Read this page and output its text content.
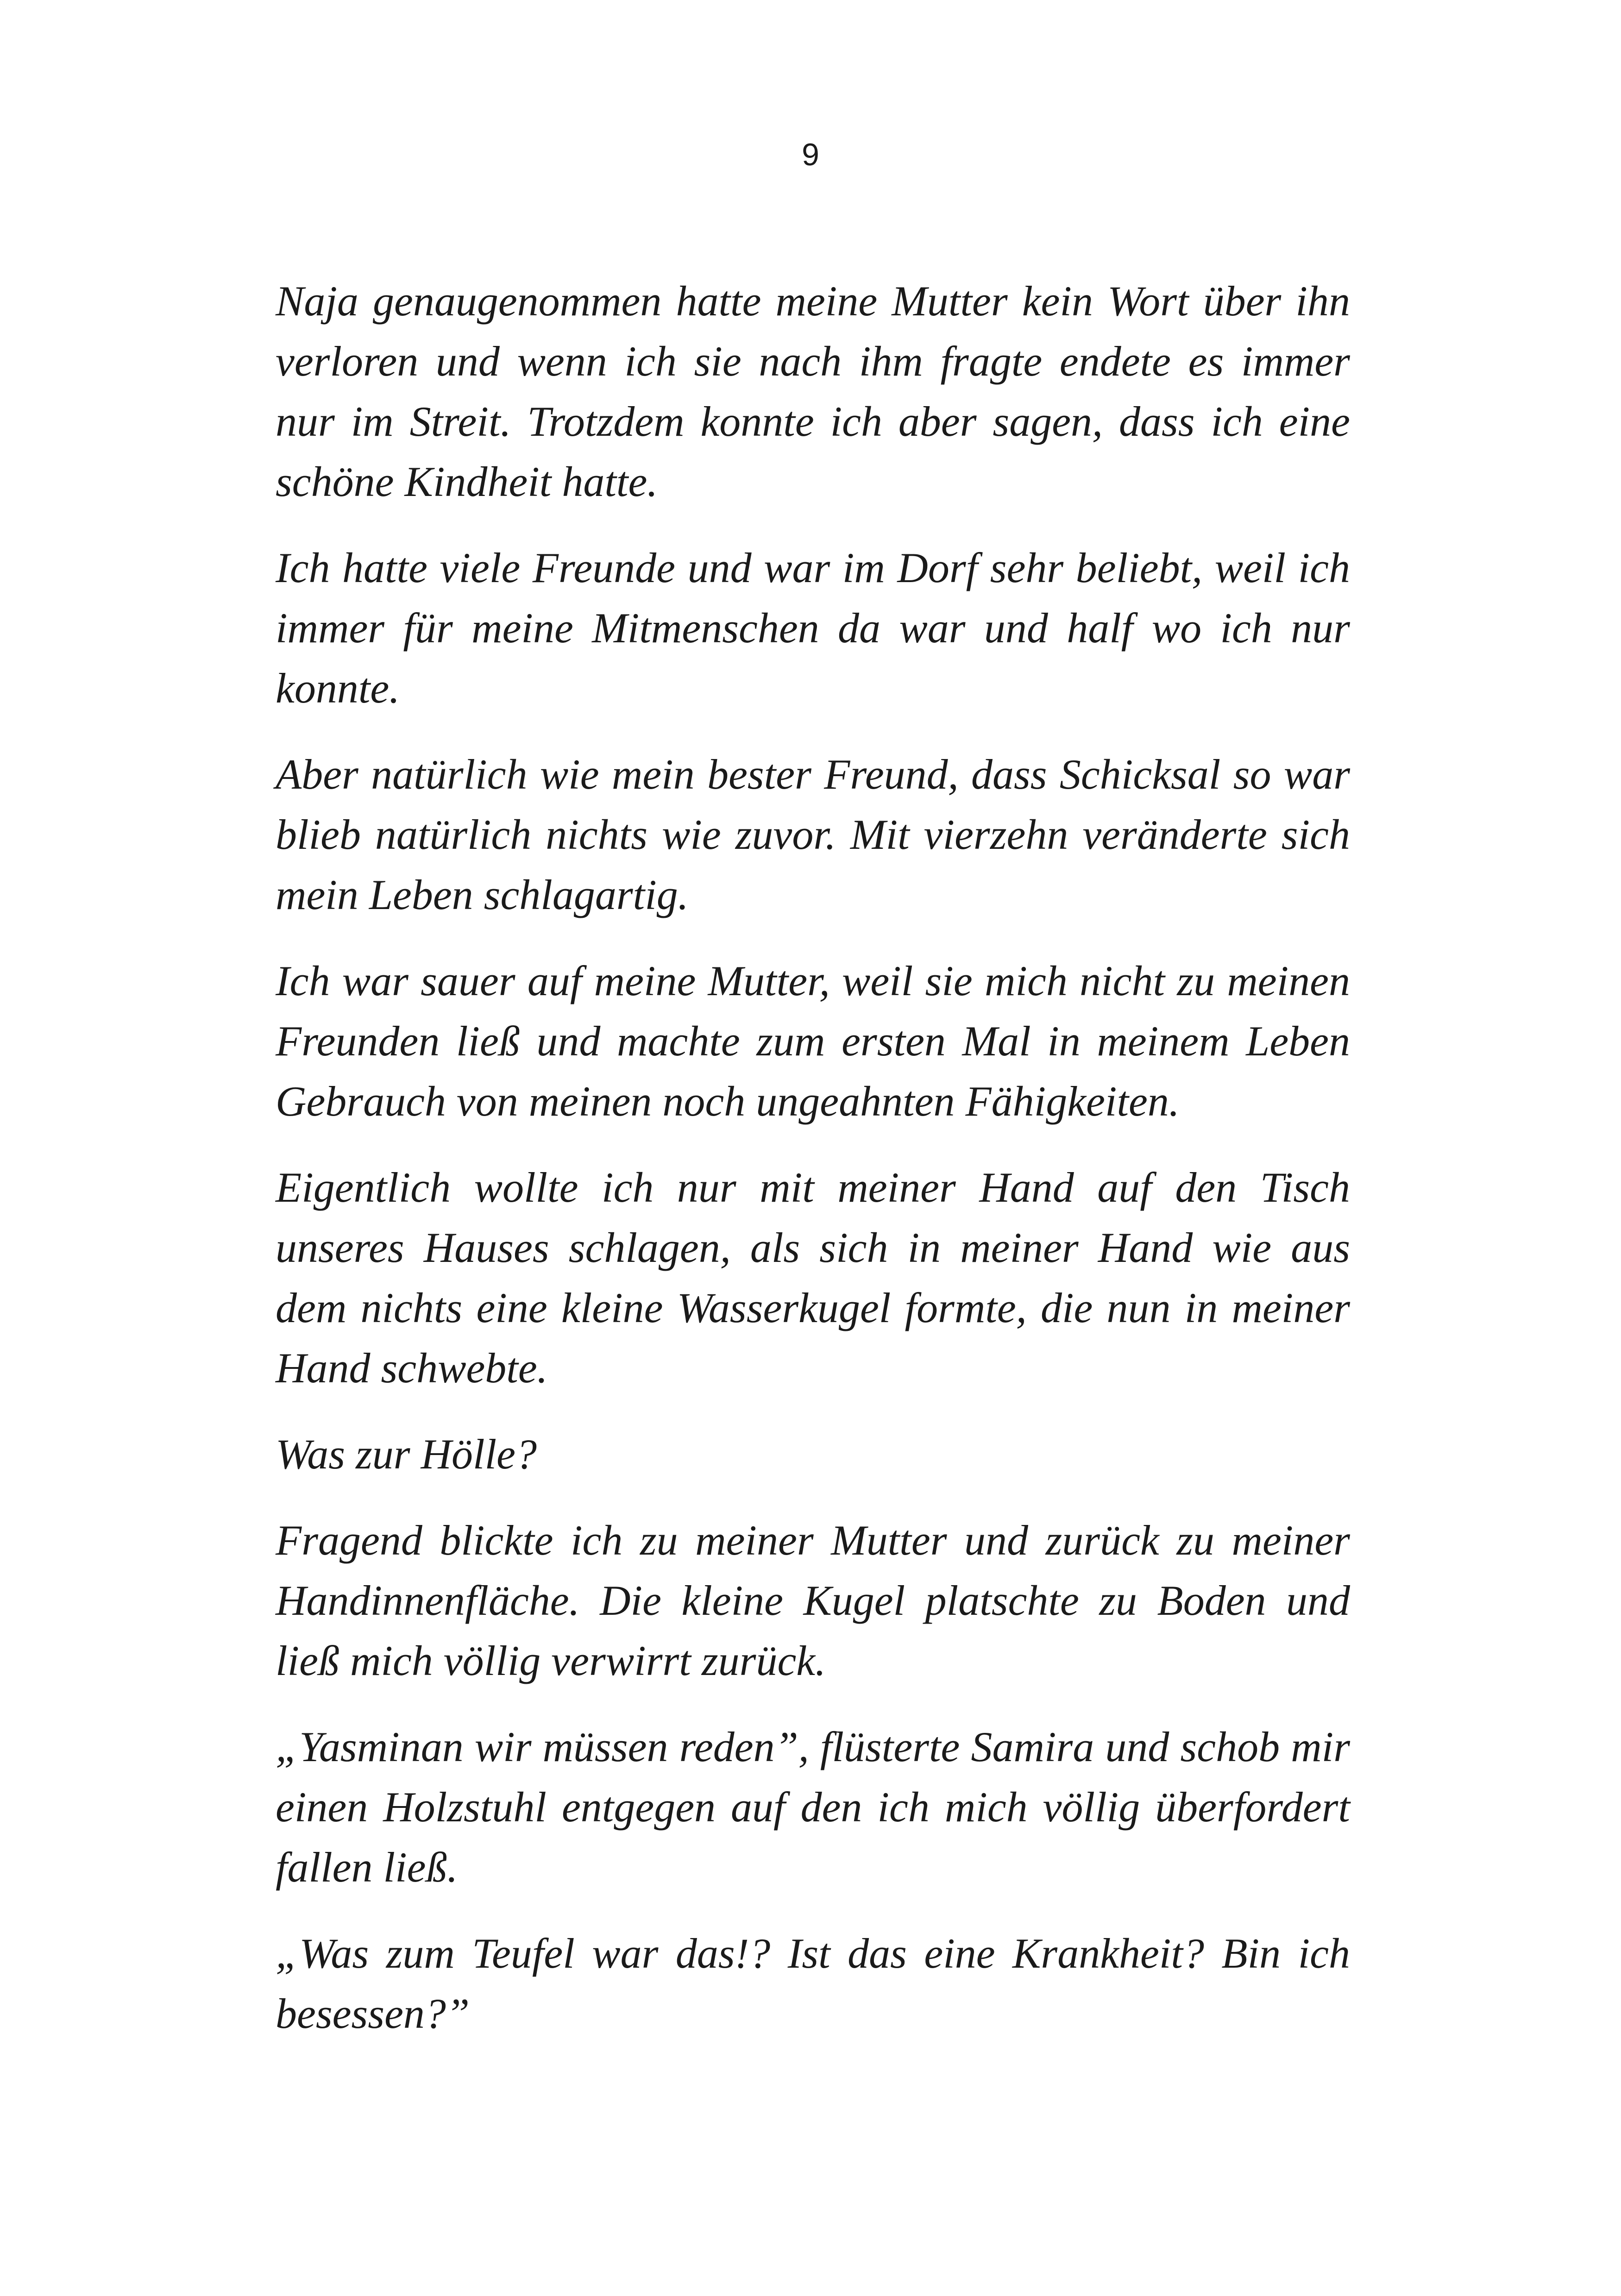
9

Naja genaugenommen hatte meine Mutter kein Wort über ihn verloren und wenn ich sie nach ihm fragte endete es immer nur im Streit. Trotzdem konnte ich aber sagen, dass ich eine schöne Kindheit hatte.

Ich hatte viele Freunde und war im Dorf sehr beliebt, weil ich immer für meine Mitmenschen da war und half wo ich nur konnte.

Aber natürlich wie mein bester Freund, dass Schicksal so war blieb natürlich nichts wie zuvor. Mit vierzehn veränderte sich mein Leben schlagartig.

Ich war sauer auf meine Mutter, weil sie mich nicht zu meinen Freunden ließ und machte zum ersten Mal in meinem Leben Gebrauch von meinen noch ungeahnten Fähigkeiten.

Eigentlich wollte ich nur mit meiner Hand auf den Tisch unseres Hauses schlagen, als sich in meiner Hand wie aus dem nichts eine kleine Wasserkugel formte, die nun in meiner Hand schwebte.

Was zur Hölle?

Fragend blickte ich zu meiner Mutter und zurück zu meiner Handinnenfläche. Die kleine Kugel platschte zu Boden und ließ mich völlig verwirrt zurück.

„Yasminan wir müssen reden”, flüsterte Samira und schob mir einen Holzstuhl entgegen auf den ich mich völlig überfordert fallen ließ.

„Was zum Teufel war das!? Ist das eine Krankheit? Bin ich besessen?”
